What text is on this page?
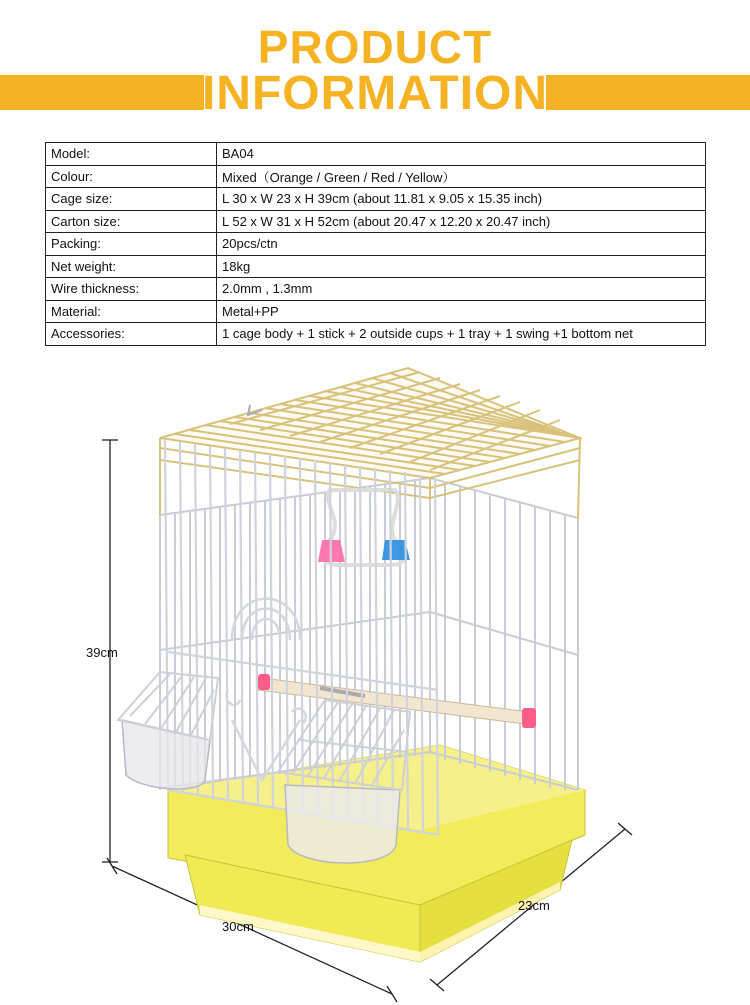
PRODUCT
INFORMATION
Model:	BA04
Colour:	Mixed（Orange / Green / Red / Yellow）
Cage size:	L 30 x W 23 x H 39cm (about 11.81 x 9.05 x 15.35 inch)
Carton size:	L 52 x W 31 x H 52cm (about 20.47 x 12.20 x 20.47 inch)
Packing:	20pcs/ctn
Net weight:	18kg
Wire thickness:	2.0mm , 1.3mm
Material:	Metal+PP
Accessories:	1 cage body + 1 stick + 2 outside cups + 1 tray + 1 swing +1 bottom net
39cm
30cm
23cm
